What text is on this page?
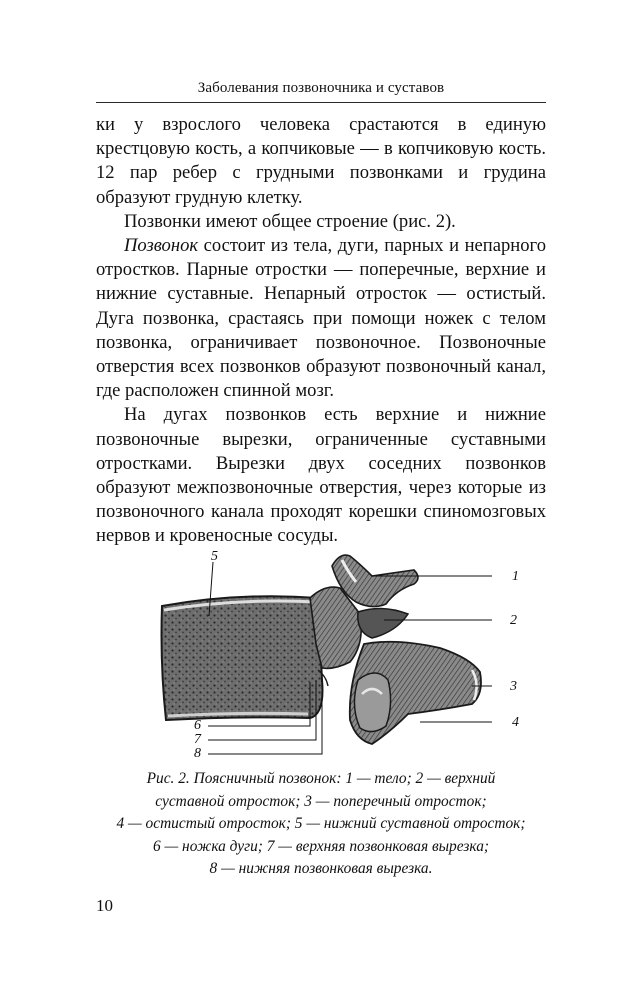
Заболевания позвоночника и суставов

ки у взрослого человека срастаются в единую крестцовую кость, а копчиковые — в копчиковую кость. 12 пар ребер с грудными позвонками и грудина образуют грудную клетку.

Позвонки имеют общее строение (рис. 2).

Позвонок состоит из тела, дуги, парных и непарного отростков. Парные отростки — поперечные, верхние и нижние суставные. Непарный отросток — остистый. Дуга позвонка, срастаясь при помощи ножек с телом позвонка, ограничивает позвоночное. Позвоночные отверстия всех позвонков образуют позвоночный канал, где расположен спинной мозг.

На дугах позвонков есть верхние и нижние позвоночные вырезки, ограниченные суставными отростками. Вырезки двух соседних позвонков образуют межпозвоночные отверстия, через которые из позвоночного канала проходят корешки спиномозговых нервов и кровеносные сосуды.

5
1
2
3
4
6
7
8
Рис. 2. Поясничный позвонок: 1 — тело; 2 — верхний
суставной отросток; 3 — поперечный отросток;
4 — остистый отросток; 5 — нижний суставной отросток;
6 — ножка дуги; 7 — верхняя позвонковая вырезка;
8 — нижняя позвонковая вырезка.
10
